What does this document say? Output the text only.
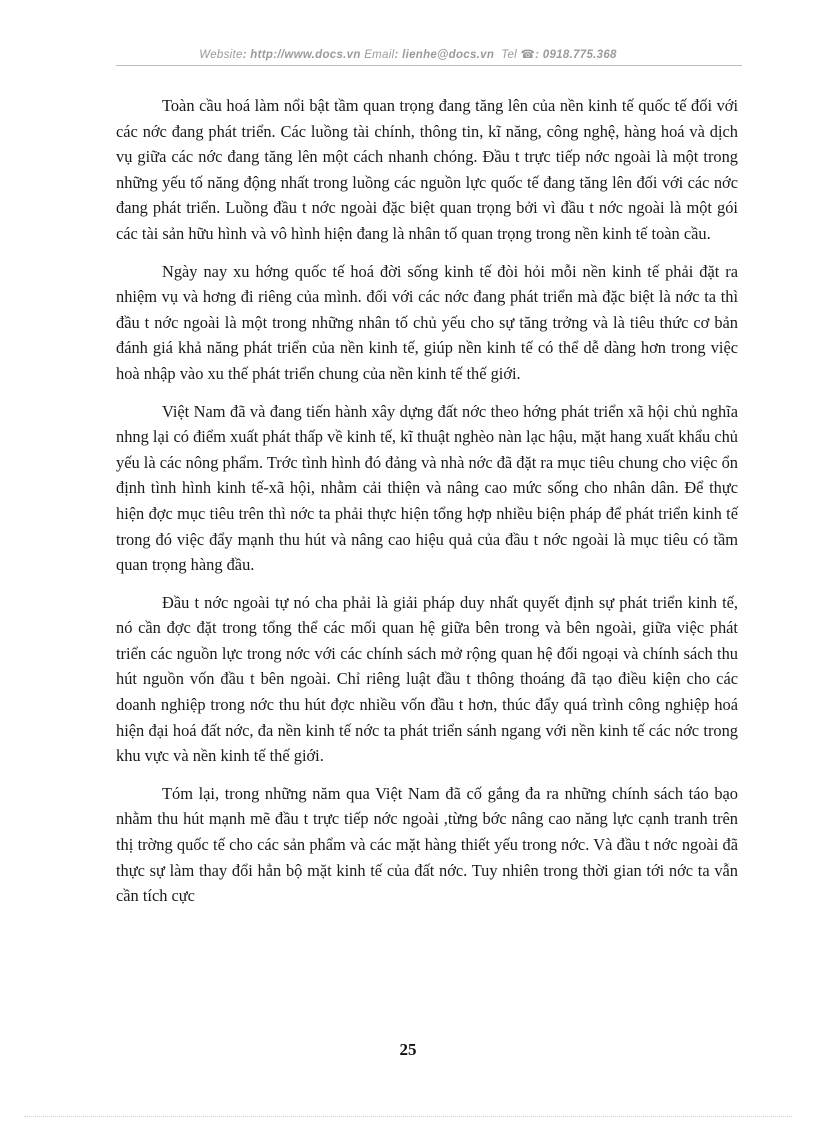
Website: http://www.docs.vn Email: lienhe@docs.vn Tel ☎: 0918.775.368

Toàn cầu hoá làm nổi bật tầm quan trọng đang tăng lên của nền kinh tế quốc tế đối với các nớc đang phát triển. Các luồng tài chính, thông tin, kĩ năng, công nghệ, hàng hoá và dịch vụ giữa các nớc đang tăng lên một cách nhanh chóng. Đầu t trực tiếp nớc ngoài là một trong những yếu tố năng động nhất trong luồng các nguồn lực quốc tế đang tăng lên đối với các nớc đang phát triển. Luồng đầu t nớc ngoài đặc biệt quan trọng bởi vì đầu t nớc ngoài là một gói các tài sản hữu hình và vô hình hiện đang là nhân tố quan trọng trong nền kinh tế toàn cầu.

Ngày nay xu hớng quốc tế hoá đời sống kinh tế đòi hỏi mỗi nền kinh tế phải đặt ra nhiệm vụ và hơng đi riêng của mình. đối với các nớc đang phát triển mà đặc biệt là nớc ta thì đầu t nớc ngoài là một trong những nhân tố chủ yếu cho sự tăng trởng và là tiêu thức cơ bản đánh giá khả năng phát triển của nền kinh tế, giúp nền kinh tế có thể dễ dàng hơn trong việc hoà nhập vào xu thế phát triển chung của nền kinh tế thế giới.

Việt Nam đã và đang tiến hành xây dựng đất nớc theo hớng phát triển xã hội chủ nghĩa nhng lại có điểm xuất phát thấp về kinh tế, kĩ thuật nghèo nàn lạc hậu, mặt hang xuất khẩu chủ yếu là các nông phẩm. Trớc tình hình đó đảng và nhà nớc đã đặt ra mục tiêu chung cho việc ổn định tình hình kinh tế-xã hội, nhằm cải thiện và nâng cao mức sống cho nhân dân. Để thực hiện đợc mục tiêu trên thì nớc ta phải thực hiện tổng hợp nhiều biện pháp để phát triển kinh tế trong đó việc đẩy mạnh thu hút và nâng cao hiệu quả của đầu t nớc ngoài là mục tiêu có tầm quan trọng hàng đầu.

Đầu t nớc ngoài tự nó cha phải là giải pháp duy nhất quyết định sự phát triển kinh tế, nó cần đợc đặt trong tổng thể các mối quan hệ giữa bên trong và bên ngoài, giữa việc phát triển các nguồn lực trong nớc với các chính sách mở rộng quan hệ đối ngoại và chính sách thu hút nguồn vốn đầu t bên ngoài. Chỉ riêng luật đầu t thông thoáng đã tạo điều kiện cho các doanh nghiệp trong nớc thu hút đợc nhiều vốn đầu t hơn, thúc đẩy quá trình công nghiệp hoá hiện đại hoá đất nớc, đa nền kinh tế nớc ta phát triển sánh ngang với nền kinh tế các nớc trong khu vực và nền kinh tế thế giới.

Tóm lại, trong những năm qua Việt Nam đã cố gắng đa ra những chính sách táo bạo nhằm thu hút mạnh mẽ đầu t trực tiếp nớc ngoài ,từng bớc nâng cao năng lực cạnh tranh trên thị trờng quốc tế cho các sản phẩm và các mặt hàng thiết yếu trong nớc. Và đầu t nớc ngoài đã thực sự làm thay đổi hẳn bộ mặt kinh tế của đất nớc. Tuy nhiên trong thời gian tới nớc ta vẫn cần tích cực

25
